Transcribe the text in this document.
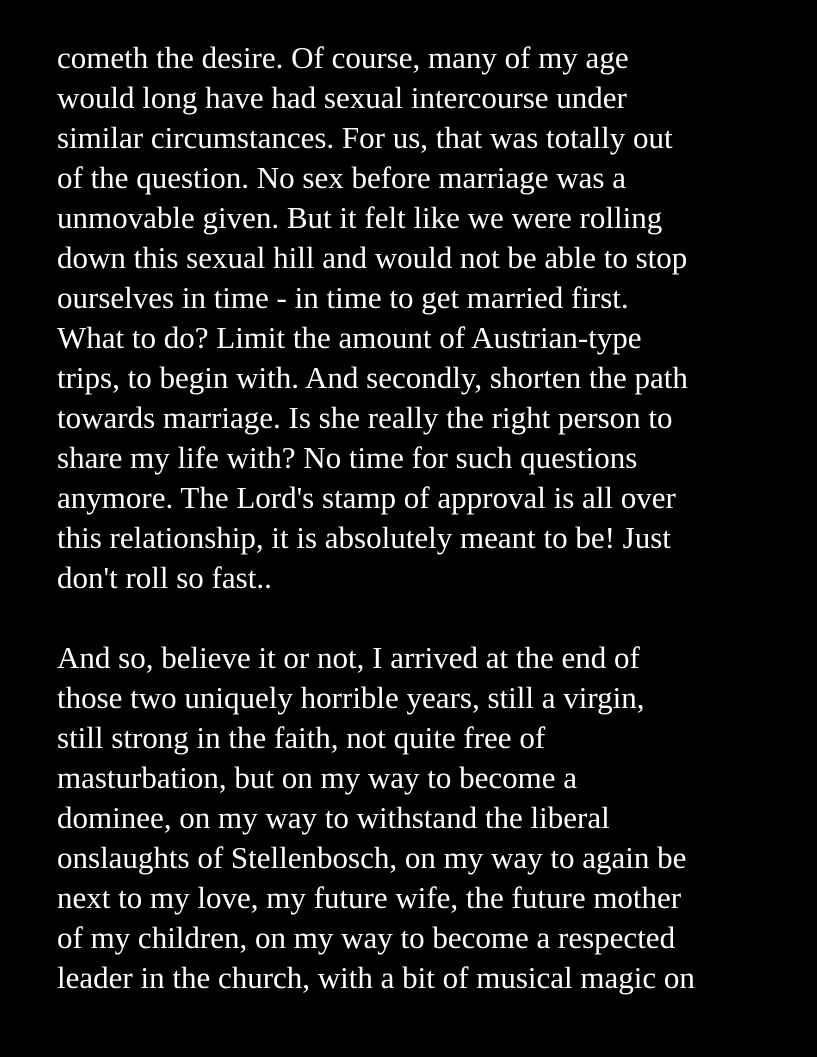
cometh the desire. Of course, many of my age
would long have had sexual intercourse under
similar circumstances. For us, that was totally out
of the question. No sex before marriage was a
unmovable given. But it felt like we were rolling
down this sexual hill and would not be able to stop
ourselves in time - in time to get married first.
What to do? Limit the amount of Austrian-type
trips, to begin with. And secondly, shorten the path
towards marriage. Is she really the right person to
share my life with? No time for such questions
anymore. The Lord's stamp of approval is all over
this relationship, it is absolutely meant to be! Just
don't roll so fast..
And so, believe it or not, I arrived at the end of
those two uniquely horrible years, still a virgin,
still strong in the faith, not quite free of
masturbation, but on my way to become a
dominee, on my way to withstand the liberal
onslaughts of Stellenbosch, on my way to again be
next to my love, my future wife, the future mother
of my children, on my way to become a respected
leader in the church, with a bit of musical magic on
